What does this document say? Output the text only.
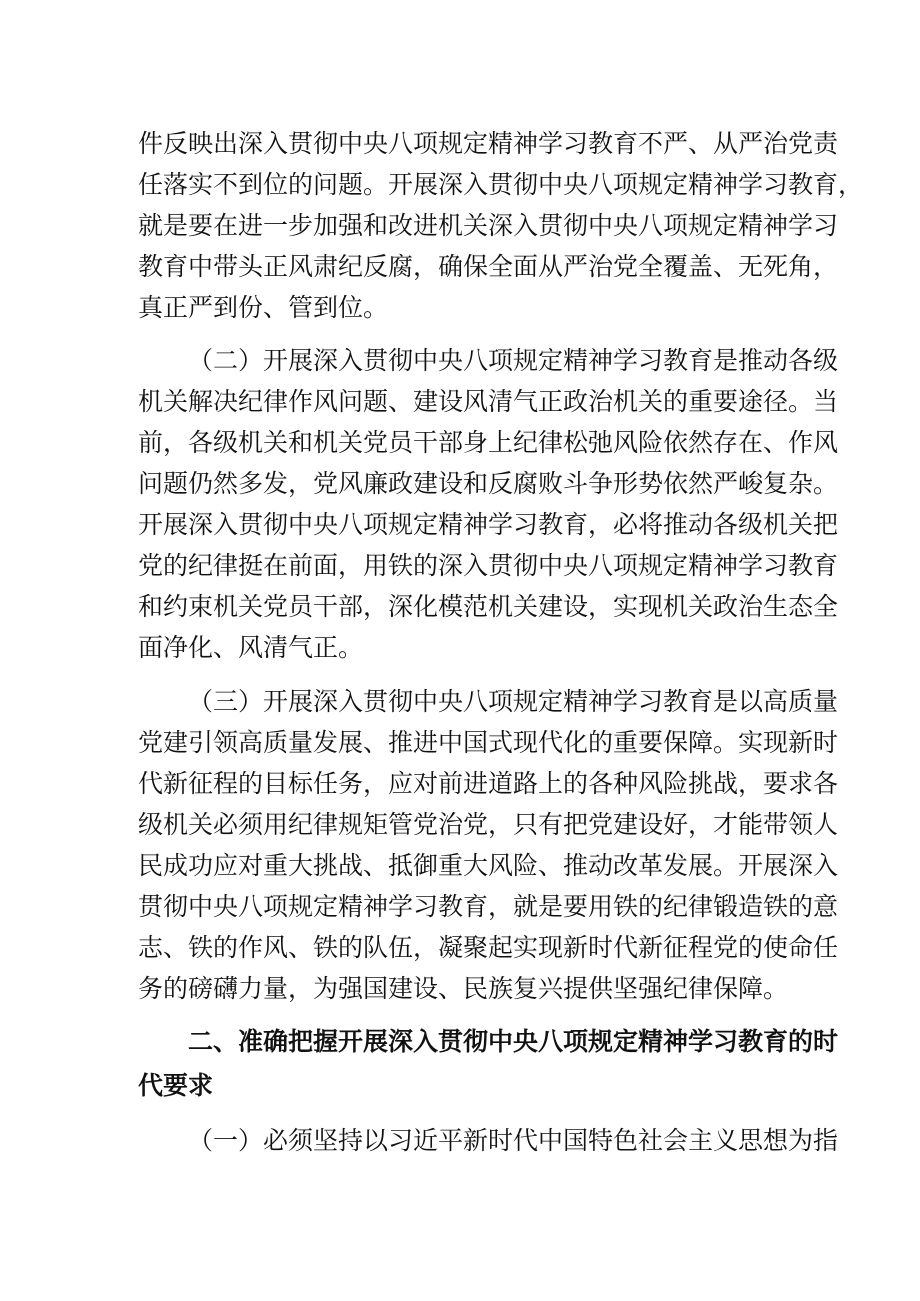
件反映出深入贯彻中央八项规定精神学习教育不严、从严治党责
任落实不到位的问题。开展深入贯彻中央八项规定精神学习教育，
就是要在进一步加强和改进机关深入贯彻中央八项规定精神学习
教育中带头正风肃纪反腐，确保全面从严治党全覆盖、无死角，
真正严到份、管到位。
（二）开展深入贯彻中央八项规定精神学习教育是推动各级
机关解决纪律作风问题、建设风清气正政治机关的重要途径。当
前，各级机关和机关党员干部身上纪律松弛风险依然存在、作风
问题仍然多发，党风廉政建设和反腐败斗争形势依然严峻复杂。
开展深入贯彻中央八项规定精神学习教育，必将推动各级机关把
党的纪律挺在前面，用铁的深入贯彻中央八项规定精神学习教育
和约束机关党员干部，深化模范机关建设，实现机关政治生态全
面净化、风清气正。
（三）开展深入贯彻中央八项规定精神学习教育是以高质量
党建引领高质量发展、推进中国式现代化的重要保障。实现新时
代新征程的目标任务，应对前进道路上的各种风险挑战，要求各
级机关必须用纪律规矩管党治党，只有把党建设好，才能带领人
民成功应对重大挑战、抵御重大风险、推动改革发展。开展深入
贯彻中央八项规定精神学习教育，就是要用铁的纪律锻造铁的意
志、铁的作风、铁的队伍，凝聚起实现新时代新征程党的使命任
务的磅礴力量，为强国建设、民族复兴提供坚强纪律保障。
二、准确把握开展深入贯彻中央八项规定精神学习教育的时
代要求
（一）必须坚持以习近平新时代中国特色社会主义思想为指
